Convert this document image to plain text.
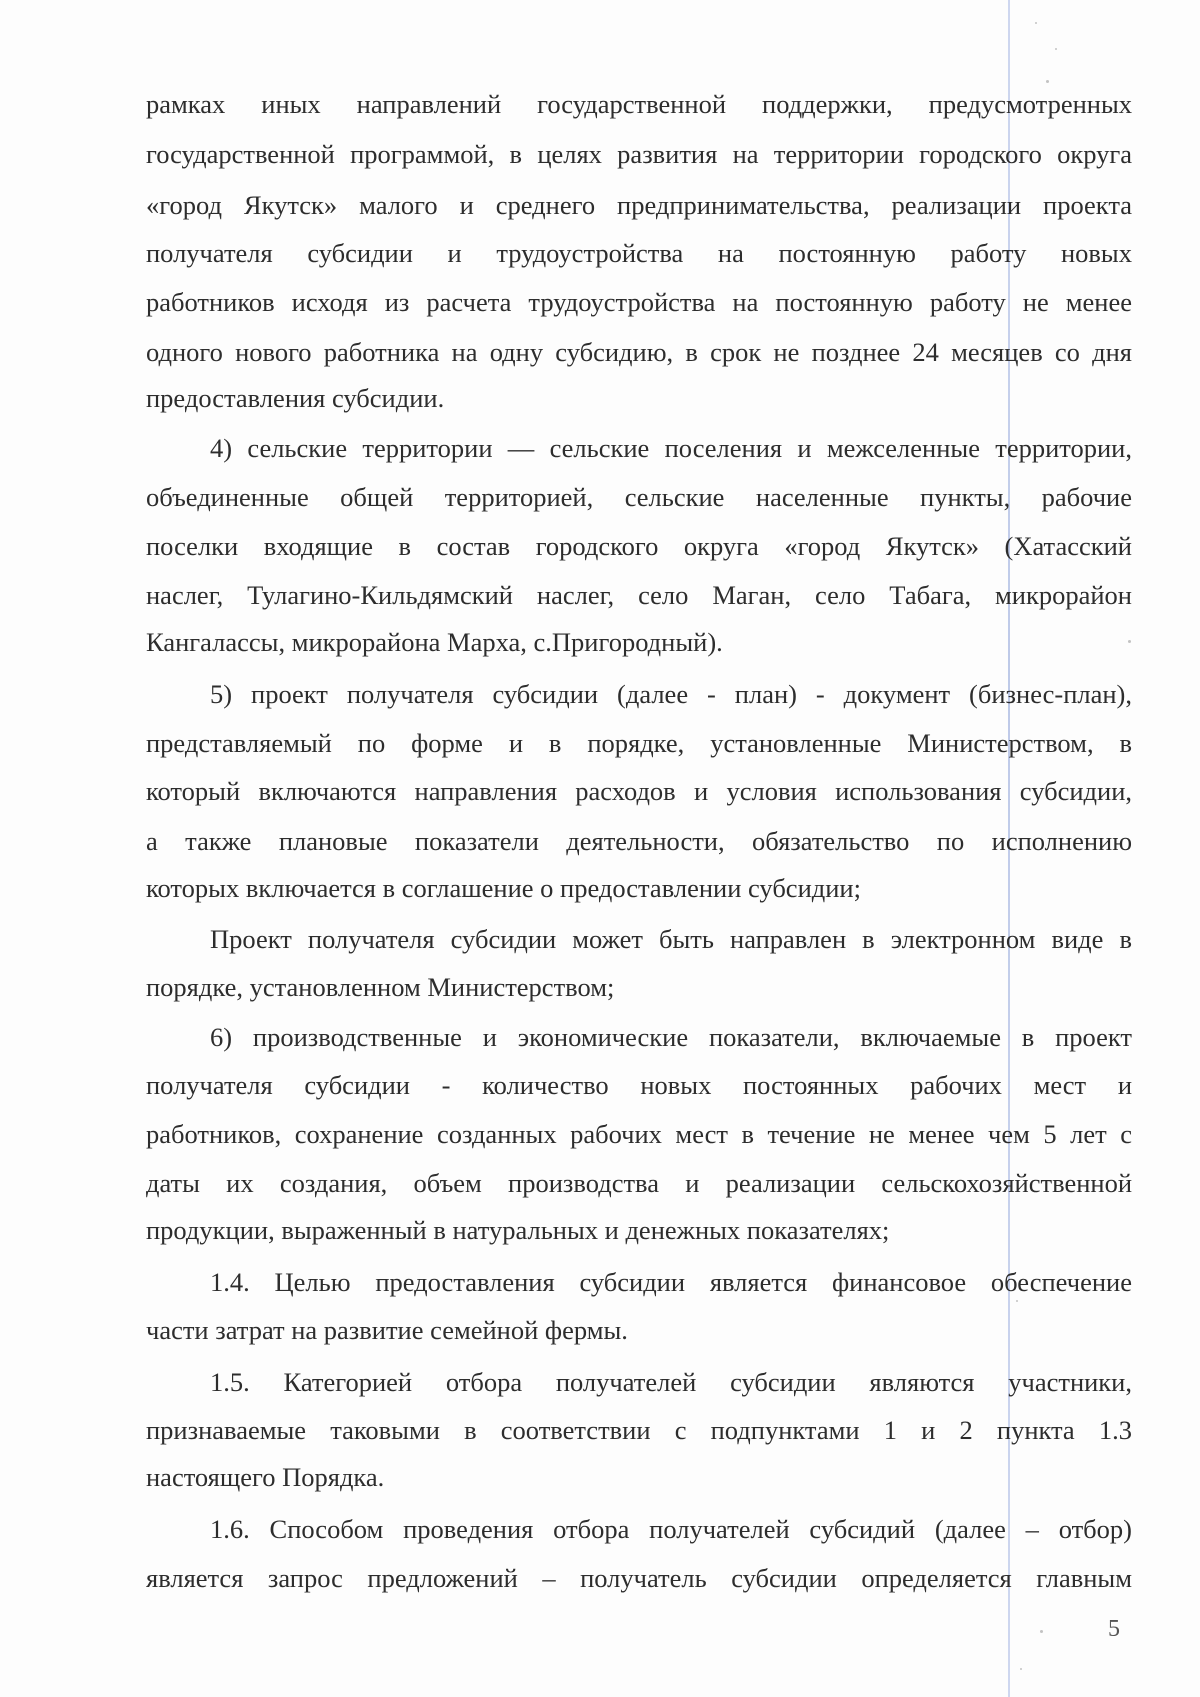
рамках иных направлений государственной поддержки, предусмотренных
государственной программой, в целях развития на территории городского округа
«город Якутск» малого и среднего предпринимательства, реализации проекта
получателя субсидии и трудоустройства на постоянную работу новых
работников исходя из расчета трудоустройства на постоянную работу не менее
одного нового работника на одну субсидию, в срок не позднее 24 месяцев со дня
предоставления субсидии.
4) сельские территории — сельские поселения и межселенные территории,
объединенные общей территорией, сельские населенные пункты, рабочие
поселки входящие в состав городского округа «город Якутск» (Хатасский
наслег, Тулагино-Кильдямский наслег, село Маган, село Табага, микрорайон
Кангалассы, микрорайона Марха, с.Пригородный).
5) проект получателя субсидии (далее - план) - документ (бизнес-план),
представляемый по форме и в порядке, установленные Министерством, в
который включаются направления расходов и условия использования субсидии,
а также плановые показатели деятельности, обязательство по исполнению
которых включается в соглашение о предоставлении субсидии;
Проект получателя субсидии может быть направлен в электронном виде в
порядке, установленном Министерством;
6) производственные и экономические показатели, включаемые в проект
получателя субсидии - количество новых постоянных рабочих мест и
работников, сохранение созданных рабочих мест в течение не менее чем 5 лет с
даты их создания, объем производства и реализации сельскохозяйственной
продукции, выраженный в натуральных и денежных показателях;
1.4. Целью предоставления субсидии является финансовое обеспечение
части затрат на развитие семейной фермы.
1.5. Категорией отбора получателей субсидии являются участники,
признаваемые таковыми в соответствии с подпунктами 1 и 2 пункта 1.3
настоящего Порядка.
1.6. Способом проведения отбора получателей субсидий (далее – отбор)
является запрос предложений – получатель субсидии определяется главным
5
